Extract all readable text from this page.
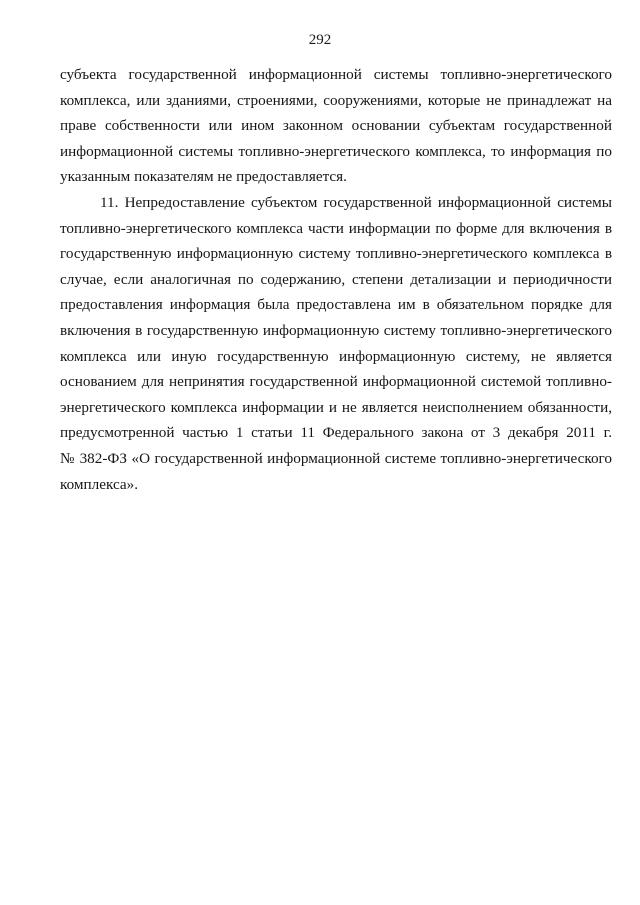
292

субъекта государственной информационной системы топливно-энергетического
комплекса, или зданиями, строениями, сооружениями, которые не принадлежат на
праве собственности или ином законном основании субъектам государственной
информационной системы топливно-энергетического комплекса, то информация по
указанным показателям не предоставляется.
11. Непредоставление субъектом государственной информационной системы
топливно-энергетического комплекса части информации по форме для включения в
государственную информационную систему топливно-энергетического комплекса в
случае, если аналогичная по содержанию, степени детализации и периодичности
предоставления информация была предоставлена им в обязательном порядке для
включения в государственную информационную систему топливно-энергетического
комплекса или иную государственную информационную систему, не является
основанием для непринятия государственной информационной системой топливно-
энергетического комплекса информации и не является неисполнением обязанности,
предусмотренной частью 1 статьи 11 Федерального закона от 3 декабря 2011 г.
№ 382-ФЗ «О государственной информационной системе топливно-энергетического
комплекса».
